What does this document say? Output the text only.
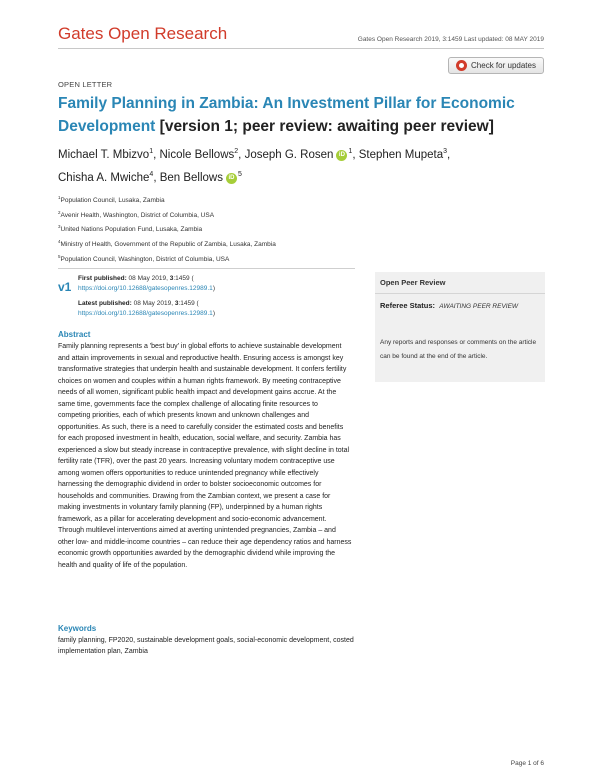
Gates Open Research	Gates Open Research 2019, 3:1459 Last updated: 08 MAY 2019
Check for updates
OPEN LETTER
Family Planning in Zambia: An Investment Pillar for Economic
Development [version 1; peer review: awaiting peer review]
Michael T. Mbizvo$^1$, Nicole Bellows$^2$, Joseph G. Rosen iD $^1$, Stephen Mupeta$^3$,
Chisha A. Mwiche$^4$, Ben Bellows iD $^5$
$^1$Population Council, Lusaka, Zambia
$^2$Avenir Health, Washington, District of Columbia, USA
$^3$United Nations Population Fund, Lusaka, Zambia
$^4$Ministry of Health, Government of the Republic of Zambia, Lusaka, Zambia
$^5$Population Council, Washington, District of Columbia, USA
v1
First published: 08 May 2019, 3:1459 (
https://doi.org/10.12688/gatesopenres.12989.1)
Latest published: 08 May 2019, 3:1459 (
https://doi.org/10.12688/gatesopenres.12989.1)
Open Peer Review
Referee Status: AWAITING PEER REVIEW
Any reports and responses or comments on the article can be found at the end of the article.
Abstract
Family planning represents a 'best buy' in global efforts to achieve sustainable development and attain improvements in sexual and reproductive health. Ensuring access is amongst key transformative strategies that underpin health and sustainable development. It confers fertility choices on women and couples within a human rights framework. By meeting contraceptive needs of all women, significant public health impact and development gains accrue. At the same time, governments face the complex challenge of allocating finite resources to competing priorities, each of which presents known and unknown challenges and opportunities. As such, there is a need to carefully consider the estimated costs and benefits for each proposed investment in health, education, social welfare, and security. Zambia has experienced a slow but steady increase in contraceptive prevalence, with slight decline in total fertility rate (TFR), over the past 20 years. Increasing voluntary modern contraceptive use among women offers opportunities to reduce unintended pregnancy while effectively harnessing the demographic dividend in order to bolster socioeconomic outcomes for households and communities. Drawing from the Zambian context, we present a case for making investments in voluntary family planning (FP), underpinned by a human rights framework, as a pillar for accelerating development and socio-economic advancement. Through multilevel interventions aimed at averting unintended pregnancies, Zambia – and other low- and middle-income countries – can reduce their age dependency ratios and harness economic growth opportunities awarded by the demographic dividend while improving the health and quality of life of the population.
Keywords
family planning, FP2020, sustainable development goals, social-economic development, costed implementation plan, Zambia
Page 1 of 6
